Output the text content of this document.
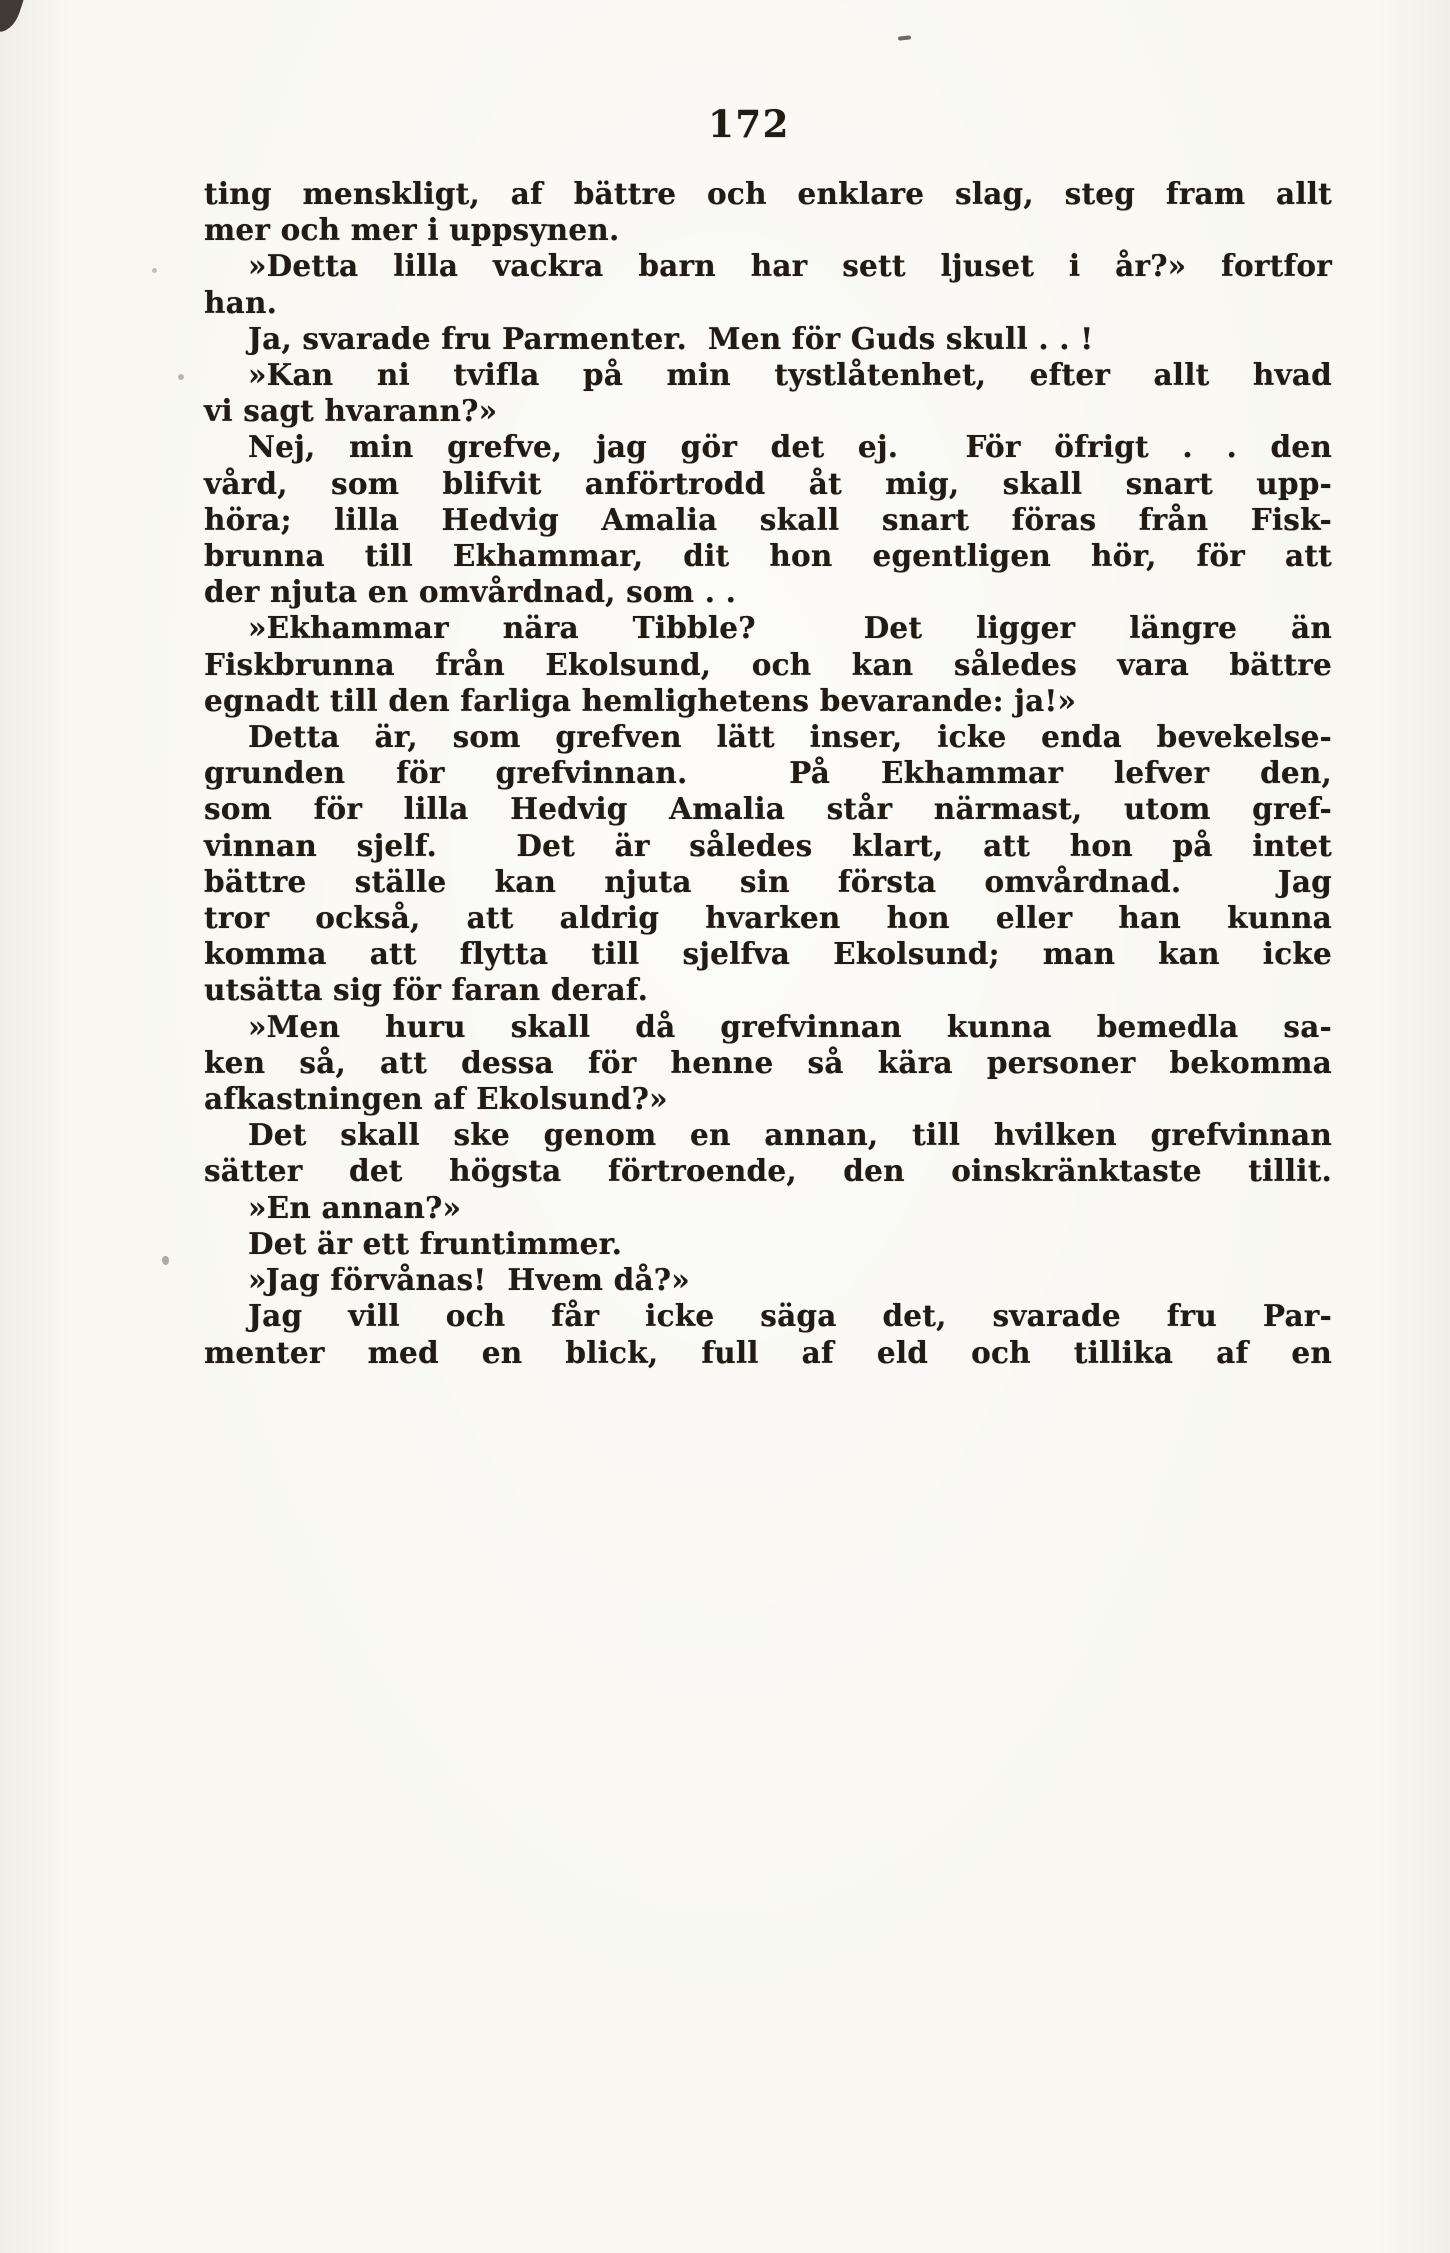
172
ting menskligt, af bättre och enklare slag, steg fram allt
mer och mer i uppsynen.
»Detta lilla vackra barn har sett ljuset i år?» fortfor
han.
Ja, svarade fru Parmenter.  Men för Guds skull . . !
»Kan ni tvifla på min tystlåtenhet, efter allt hvad
vi sagt hvarann?»
Nej, min grefve, jag gör det ej.  För öfrigt . . den
vård, som blifvit anförtrodd åt mig, skall snart upp-
höra; lilla Hedvig Amalia skall snart föras från Fisk-
brunna till Ekhammar, dit hon egentligen hör, för att
der njuta en omvårdnad, som . .
»Ekhammar nära Tibble?  Det ligger längre än
Fiskbrunna från Ekolsund, och kan således vara bättre
egnadt till den farliga hemlighetens bevarande: ja!»
Detta är, som grefven lätt inser, icke enda bevekelse-
grunden för grefvinnan.  På Ekhammar lefver den,
som för lilla Hedvig Amalia står närmast, utom gref-
vinnan sjelf.  Det är således klart, att hon på intet
bättre ställe kan njuta sin första omvårdnad.  Jag
tror också, att aldrig hvarken hon eller han kunna
komma att flytta till sjelfva Ekolsund; man kan icke
utsätta sig för faran deraf.
»Men huru skall då grefvinnan kunna bemedla sa-
ken så, att dessa för henne så kära personer bekomma
afkastningen af Ekolsund?»
Det skall ske genom en annan, till hvilken grefvinnan
sätter det högsta förtroende, den oinskränktaste tillit.
»En annan?»
Det är ett fruntimmer.
»Jag förvånas!  Hvem då?»
Jag vill och får icke säga det, svarade fru Par-
menter med en blick, full af eld och tillika af en
